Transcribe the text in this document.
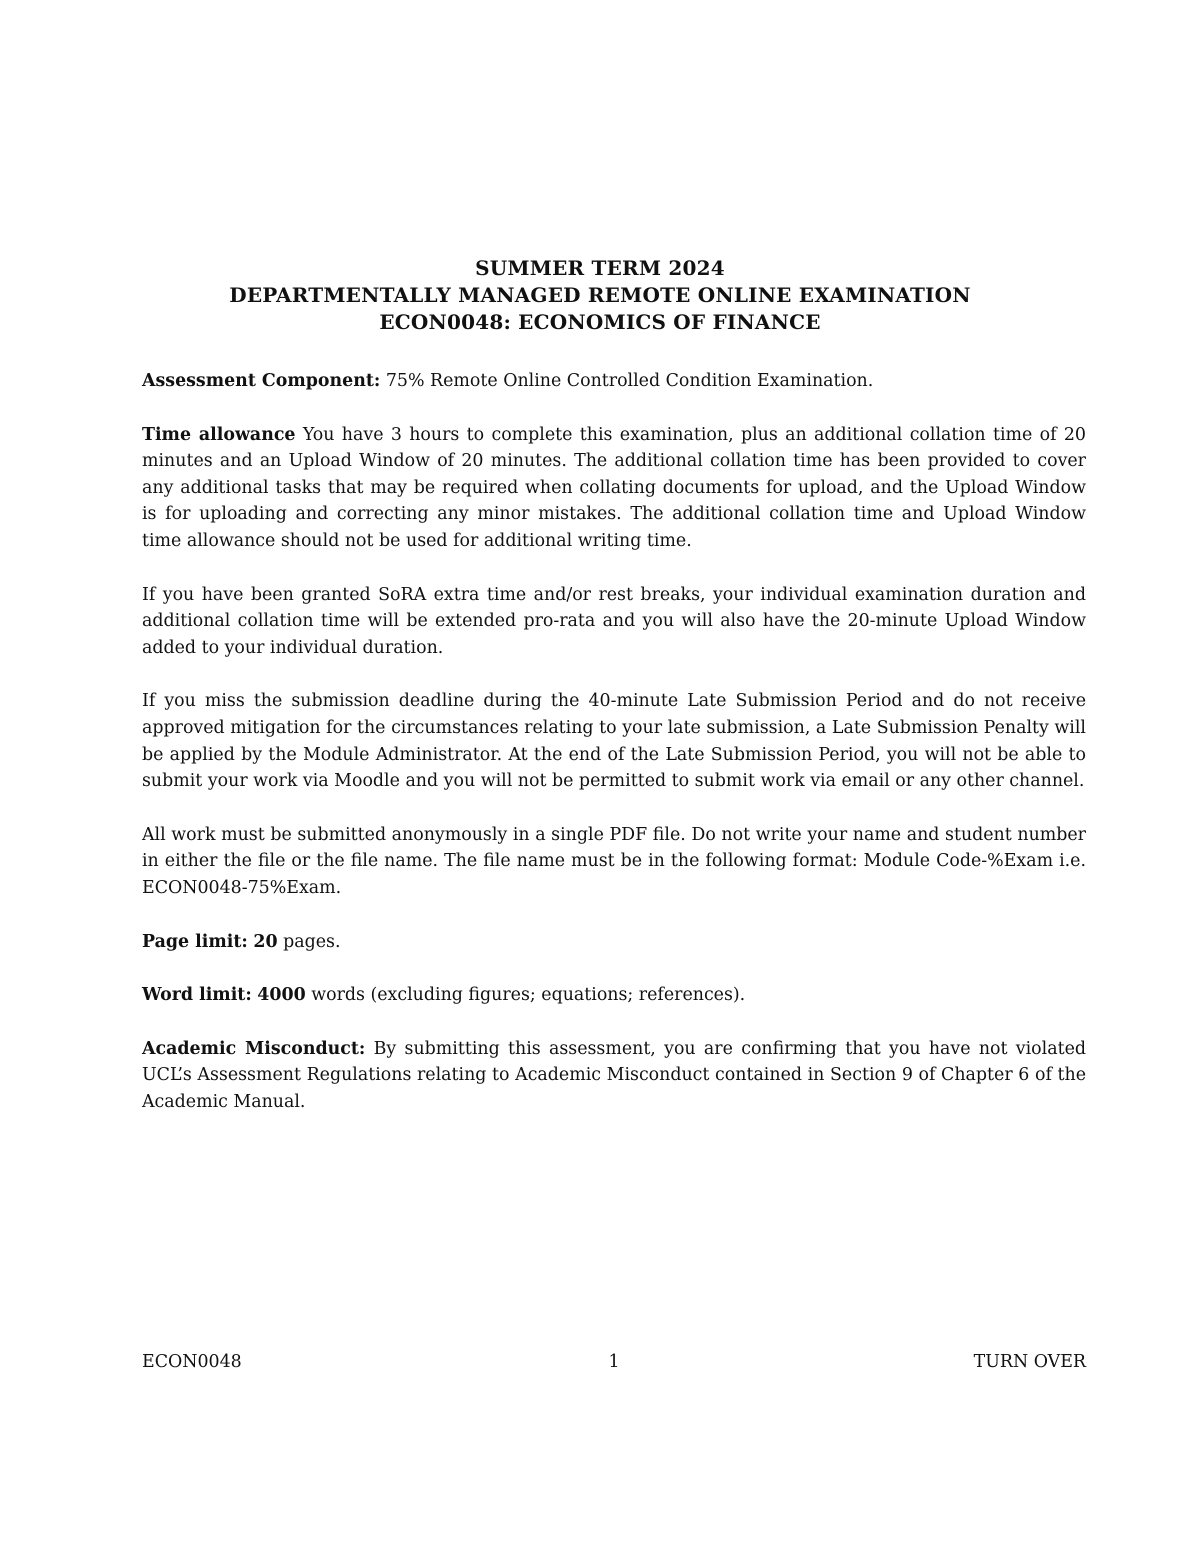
SUMMER TERM 2024
DEPARTMENTALLY MANAGED REMOTE ONLINE EXAMINATION
ECON0048: ECONOMICS OF FINANCE

Assessment Component: 75% Remote Online Controlled Condition Examination.

Time allowance You have 3 hours to complete this examination, plus an additional collation time of 20 minutes and an Upload Window of 20 minutes. The additional collation time has been provided to cover any additional tasks that may be required when collating documents for upload, and the Upload Window is for uploading and correcting any minor mistakes. The additional collation time and Upload Window time allowance should not be used for additional writing time.

If you have been granted SoRA extra time and/or rest breaks, your individual examination duration and additional collation time will be extended pro-rata and you will also have the 20-minute Upload Window added to your individual duration.

If you miss the submission deadline during the 40-minute Late Submission Period and do not receive approved mitigation for the circumstances relating to your late submission, a Late Submission Penalty will be applied by the Module Administrator. At the end of the Late Submission Period, you will not be able to submit your work via Moodle and you will not be permitted to submit work via email or any other channel.

All work must be submitted anonymously in a single PDF file. Do not write your name and student number in either the file or the file name. The file name must be in the following format: Module Code-%Exam i.e. ECON0048-75%Exam.

Page limit: 20 pages.

Word limit: 4000 words (excluding figures; equations; references).

Academic Misconduct: By submitting this assessment, you are confirming that you have not violated UCL’s Assessment Regulations relating to Academic Misconduct contained in Section 9 of Chapter 6 of the Academic Manual.

ECON0048	1	TURN OVER
